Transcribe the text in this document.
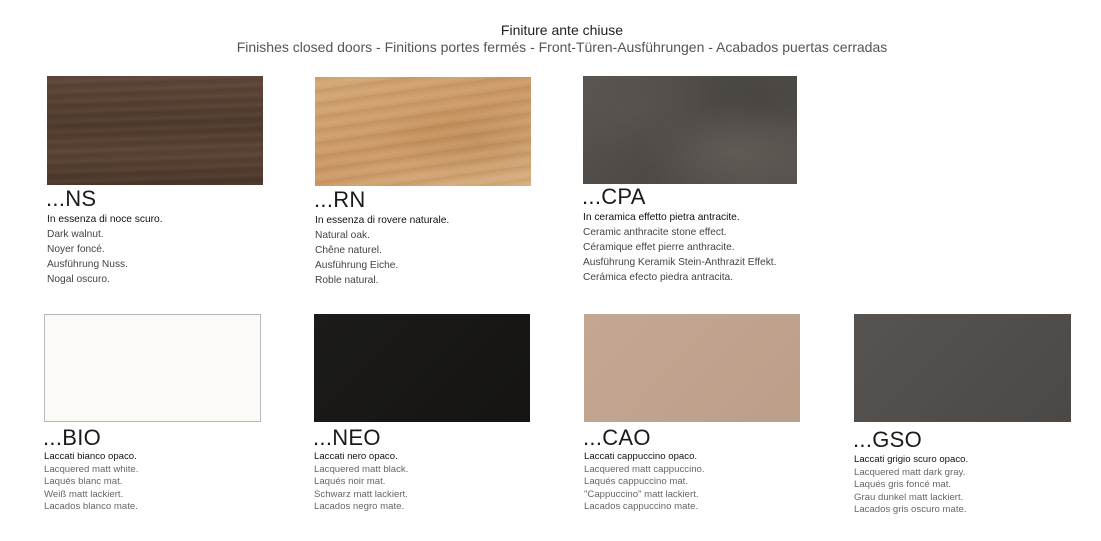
Finiture ante chiuse
Finishes closed doors - Finitions portes fermés - Front-Türen-Ausführungen - Acabados puertas cerradas
...NS
In essenza di noce scuro.
Dark walnut.
Noyer foncé.
Ausführung Nuss.
Nogal oscuro.
...RN
In essenza di rovere naturale.
Natural oak.
Chêne naturel.
Ausführung Eiche.
Roble natural.
...CPA
In ceramica effetto pietra antracite.
Ceramic anthracite stone effect.
Céramique effet pierre anthracite.
Ausführung Keramik Stein-Anthrazit Effekt.
Cerámica efecto piedra antracita.
...BIO
Laccati bianco opaco.
Lacquered matt white.
Laqués blanc mat.
Weiß matt lackiert.
Lacados blanco mate.
...NEO
Laccati nero opaco.
Lacquered matt black.
Laqués noir mat.
Schwarz matt lackiert.
Lacados negro mate.
...CAO
Laccati cappuccino opaco.
Lacquered matt cappuccino.
Laqués cappuccino mat.
"Cappuccino" matt lackiert.
Lacados cappuccino mate.
...GSO
Laccati grigio scuro opaco.
Lacquered matt dark gray.
Laqués gris foncé mat.
Grau dunkel matt lackiert.
Lacados gris oscuro mate.
